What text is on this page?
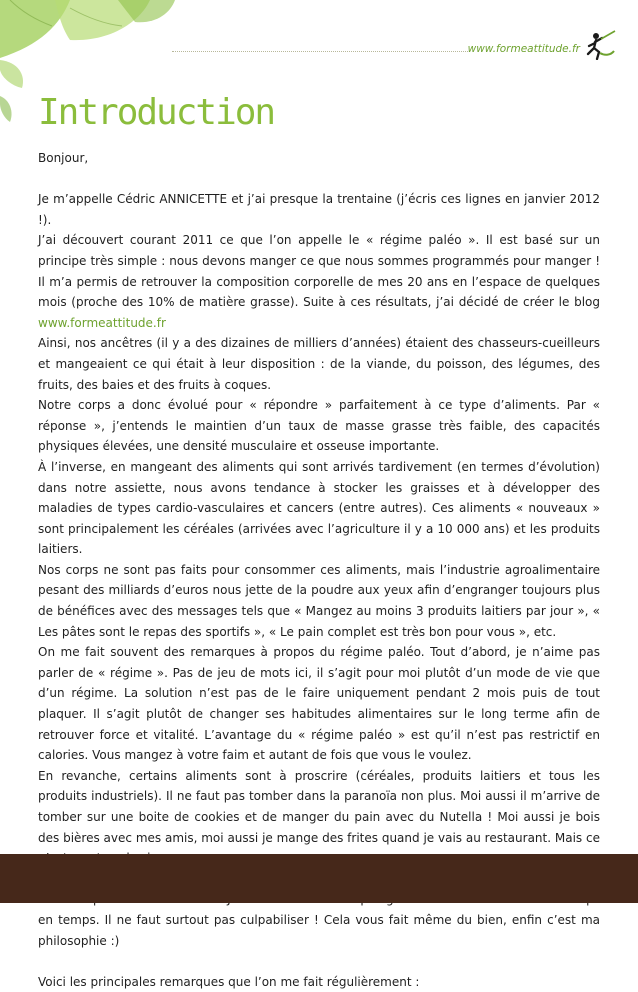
www.formeattitude.fr
Introduction

Bonjour,

Je m’appelle Cédric ANNICETTE et j’ai presque la trentaine (j’écris ces lignes en janvier 2012 !).

J’ai découvert courant 2011 ce que l’on appelle le « régime paléo ». Il est basé sur un principe très simple : nous devons manger ce que nous sommes programmés pour manger ! Il m’a permis de retrouver la composition corporelle de mes 20 ans en l’espace de quelques mois (proche des 10% de matière grasse). Suite à ces résultats, j’ai décidé de créer le blog www.formeattitude.fr

Ainsi, nos ancêtres (il y a des dizaines de milliers d’années) étaient des chasseurs-cueilleurs et mangeaient ce qui était à leur disposition : de la viande, du poisson, des légumes, des fruits, des baies et des fruits à coques.

Notre corps a donc évolué pour « répondre » parfaitement à ce type d’aliments. Par « réponse », j’entends le maintien d’un taux de masse grasse très faible, des capacités physiques élevées, une densité musculaire et osseuse importante.

À l’inverse, en mangeant des aliments qui sont arrivés tardivement (en termes d’évolution) dans notre assiette, nous avons tendance à stocker les graisses et à développer des maladies de types cardio-vasculaires et cancers (entre autres). Ces aliments « nouveaux » sont principalement les céréales (arrivées avec l’agriculture il y a 10 000 ans) et les produits laitiers.

Nos corps ne sont pas faits pour consommer ces aliments, mais l’industrie agroalimentaire pesant des milliards d’euros nous jette de la poudre aux yeux afin d’engranger toujours plus de bénéfices avec des messages tels que « Mangez au moins 3 produits laitiers par jour », « Les pâtes sont le repas des sportifs », « Le pain complet est très bon pour vous », etc.

On me fait souvent des remarques à propos du régime paléo. Tout d’abord, je n’aime pas parler de « régime ». Pas de jeu de mots ici, il s’agit pour moi plutôt d’un mode de vie que d’un régime. La solution n’est pas de le faire uniquement pendant 2 mois puis de tout plaquer. Il s’agit plutôt de changer ses habitudes alimentaires sur le long terme afin de retrouver force et vitalité. L’avantage du « régime paléo » est qu’il n’est pas restrictif en calories. Vous mangez à votre faim et autant de fois que vous le voulez.

En revanche, certains aliments sont à proscrire (céréales, produits laitiers et tous les produits industriels). Il ne faut pas tomber dans la paranoïa non plus. Moi aussi il m’arrive de tomber sur une boite de cookies et de manger du pain avec du Nutella ! Moi aussi je bois des bières avec mes amis, moi aussi je mange des frites quand je vais au restaurant. Mais ce

en temps. Il ne faut surtout pas culpabiliser ! Cela vous fait même du bien, enfin c’est ma philosophie :)

Voici les principales remarques que l’on me fait régulièrement :
